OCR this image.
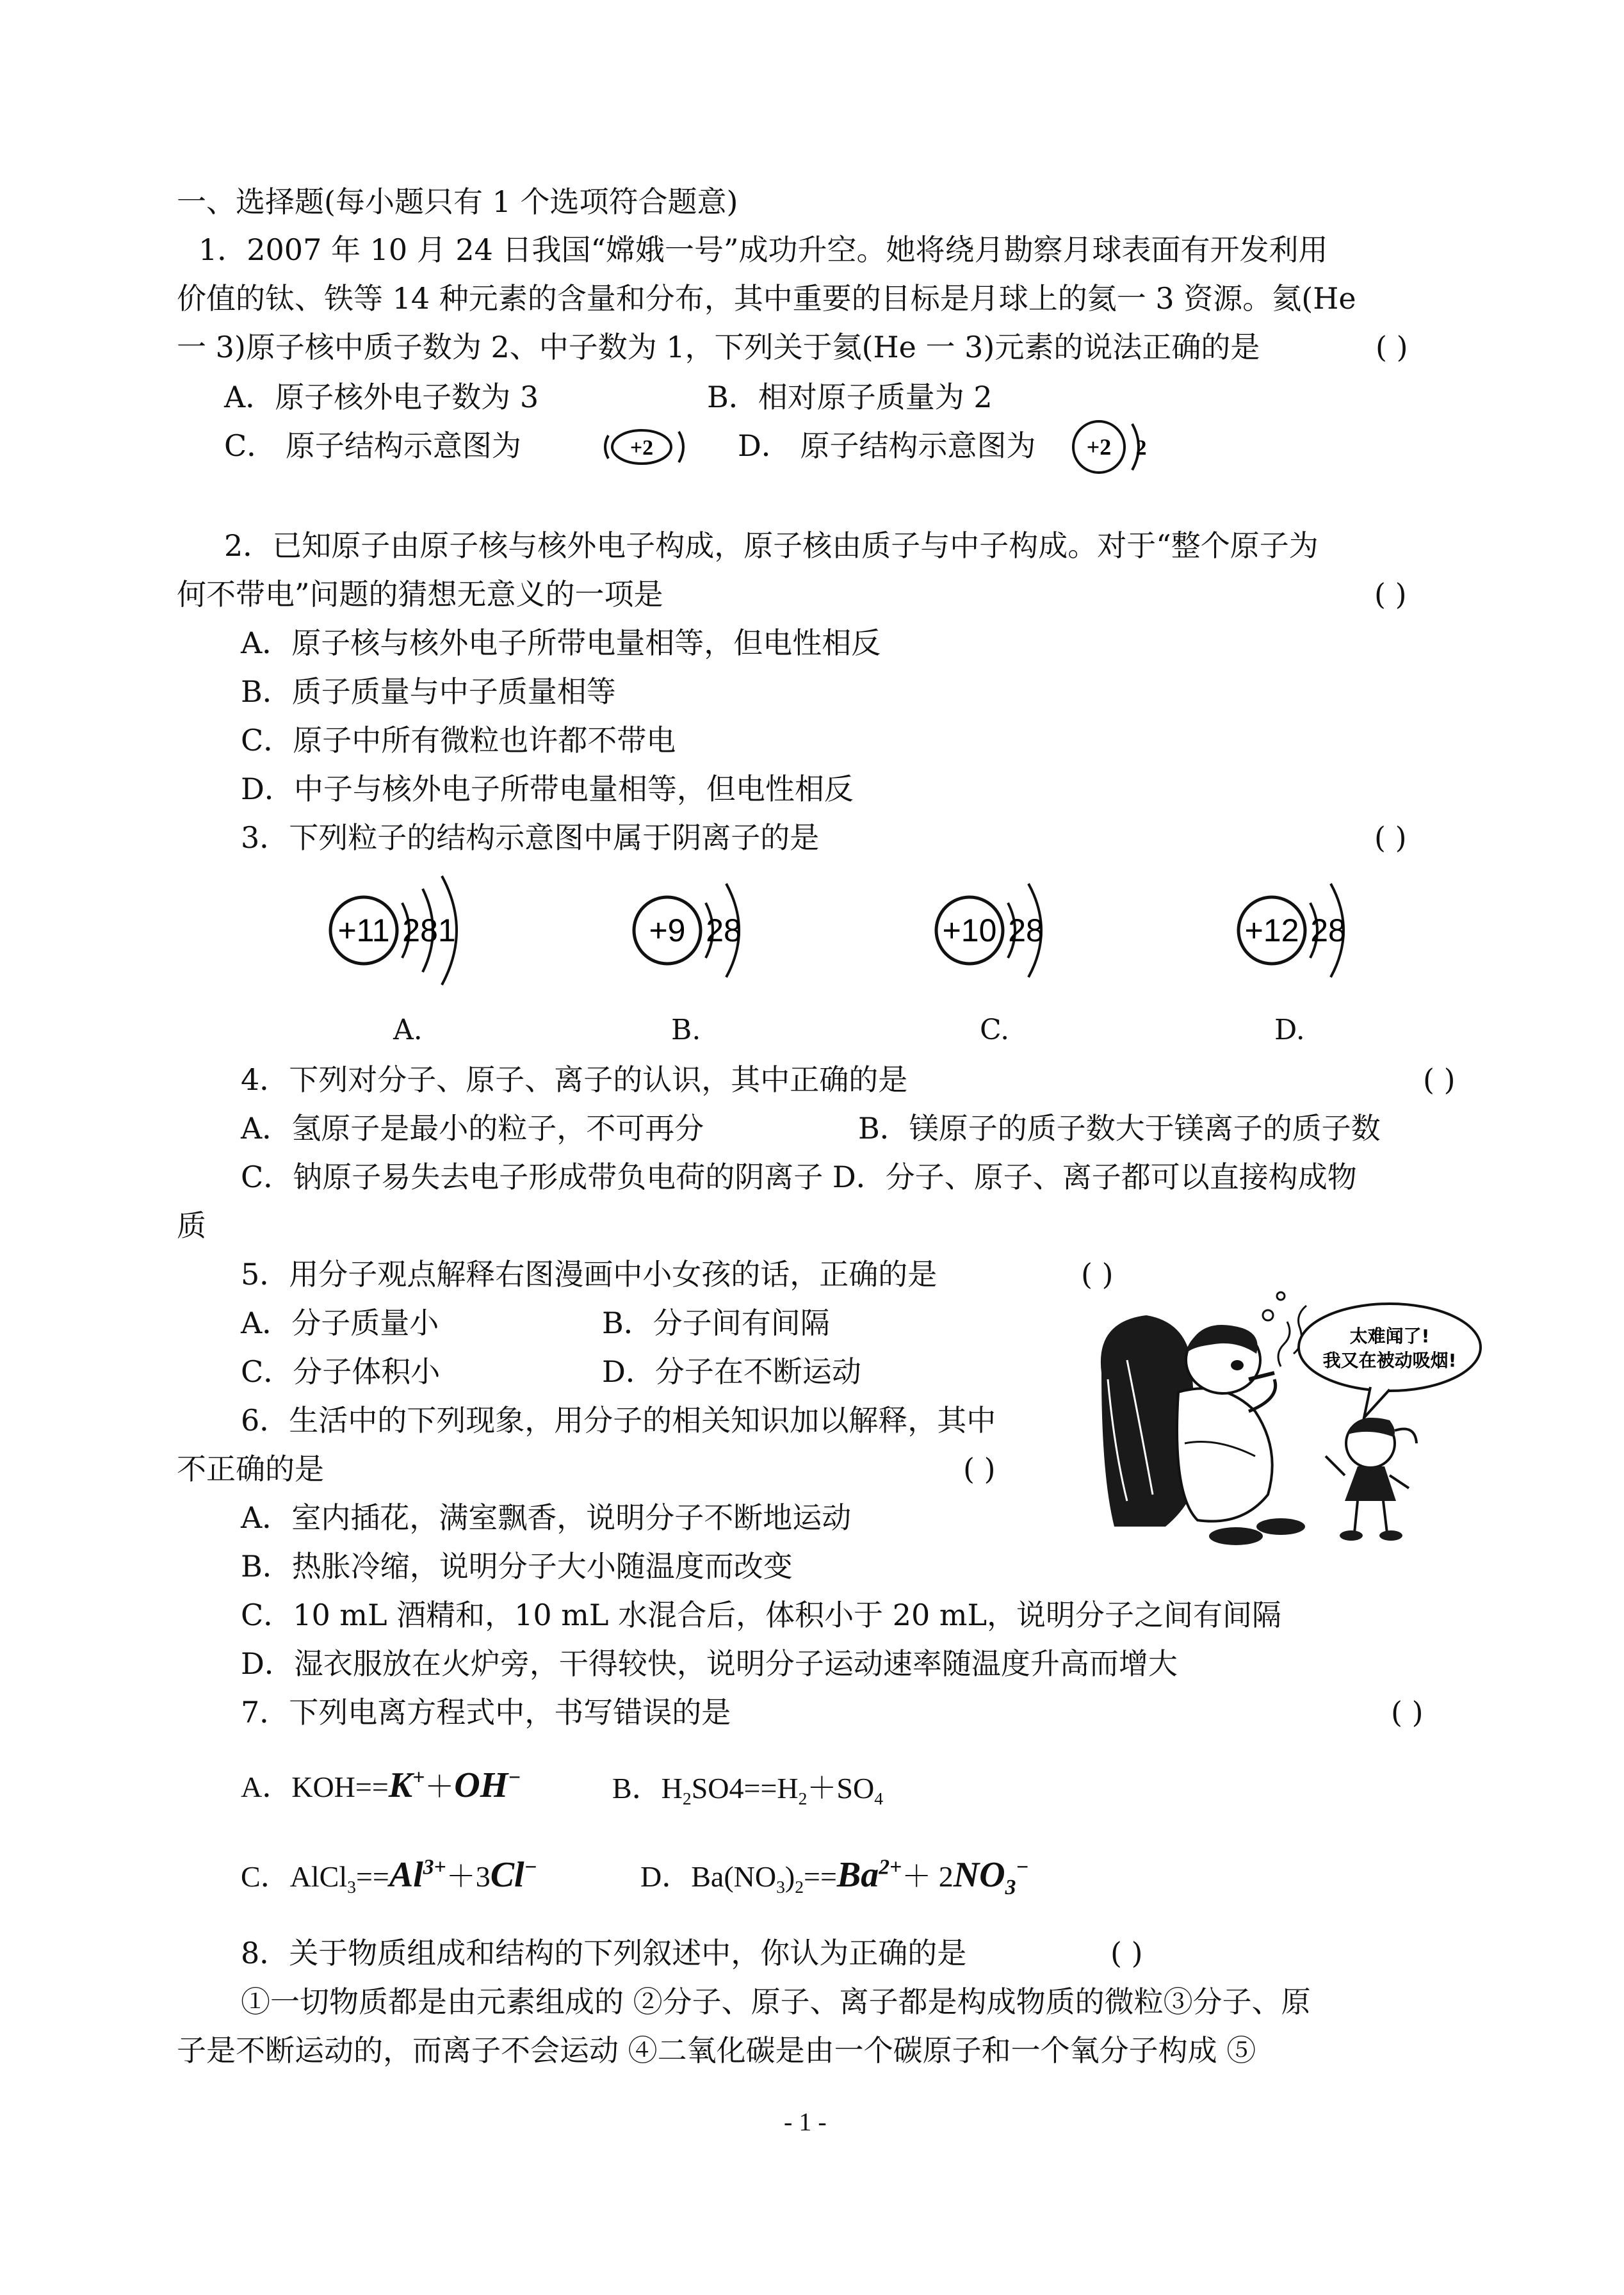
一、选择题(每小题只有 1 个选项符合题意)
1．2007 年 10 月 24 日我国“嫦娥一号”成功升空。她将绕月勘察月球表面有开发利用
价值的钛、铁等 14 种元素的含量和分布，其中重要的目标是月球上的氦一 3 资源。氦(He
一 3)原子核中质子数为 2、中子数为 1，下列关于氦(He 一 3)元素的说法正确的是	( )
A．原子核外电子数为 3	B．相对原子质量为 2
C． 原子结构示意图为	+2	D． 原子结构示意图为 +2 2
2．已知原子由原子核与核外电子构成，原子核由质子与中子构成。对于“整个原子为
何不带电”问题的猜想无意义的一项是	( )
A．原子核与核外电子所带电量相等，但电性相反
B．质子质量与中子质量相等
C．原子中所有微粒也许都不带电
D．中子与核外电子所带电量相等，但电性相反
3．下列粒子的结构示意图中属于阴离子的是	( )
+11 281	+9 28	+10 28	+12 28
A.	B.	C.	D.
4．下列对分子、原子、离子的认识，其中正确的是	( )
A．氢原子是最小的粒子，不可再分	B．镁原子的质子数大于镁离子的质子数
C．钠原子易失去电子形成带负电荷的阴离子 D．分子、原子、离子都可以直接构成物
质
5．用分子观点解释右图漫画中小女孩的话，正确的是	( )
A．分子质量小	B．分子间有间隔
C．分子体积小	D．分子在不断运动
太难闻了!
我又在被动吸烟!
6．生活中的下列现象，用分子的相关知识加以解释，其中
不正确的是	( )
A．室内插花，满室飘香，说明分子不断地运动
B．热胀冷缩，说明分子大小随温度而改变
C．10 mL 酒精和，10 mL 水混合后，体积小于 20 mL，说明分子之间有间隔
D．湿衣服放在火炉旁，干得较快，说明分子运动速率随温度升高而增大
7．下列电离方程式中，书写错误的是	( )
A．KOH==K+＋OH−	B．$H_2SO4==H_2+SO_4$
C．$AlCl_3==Al^{3+}+3Cl^-$	D．$Ba(NO_3)_2==Ba^{2+}+ 2NO_3^-$
8．关于物质组成和结构的下列叙述中，你认为正确的是	( )
①一切物质都是由元素组成的 ②分子、原子、离子都是构成物质的微粒③分子、原
子是不断运动的，而离子不会运动 ④二氧化碳是由一个碳原子和一个氧分子构成 ⑤
- 1 -
